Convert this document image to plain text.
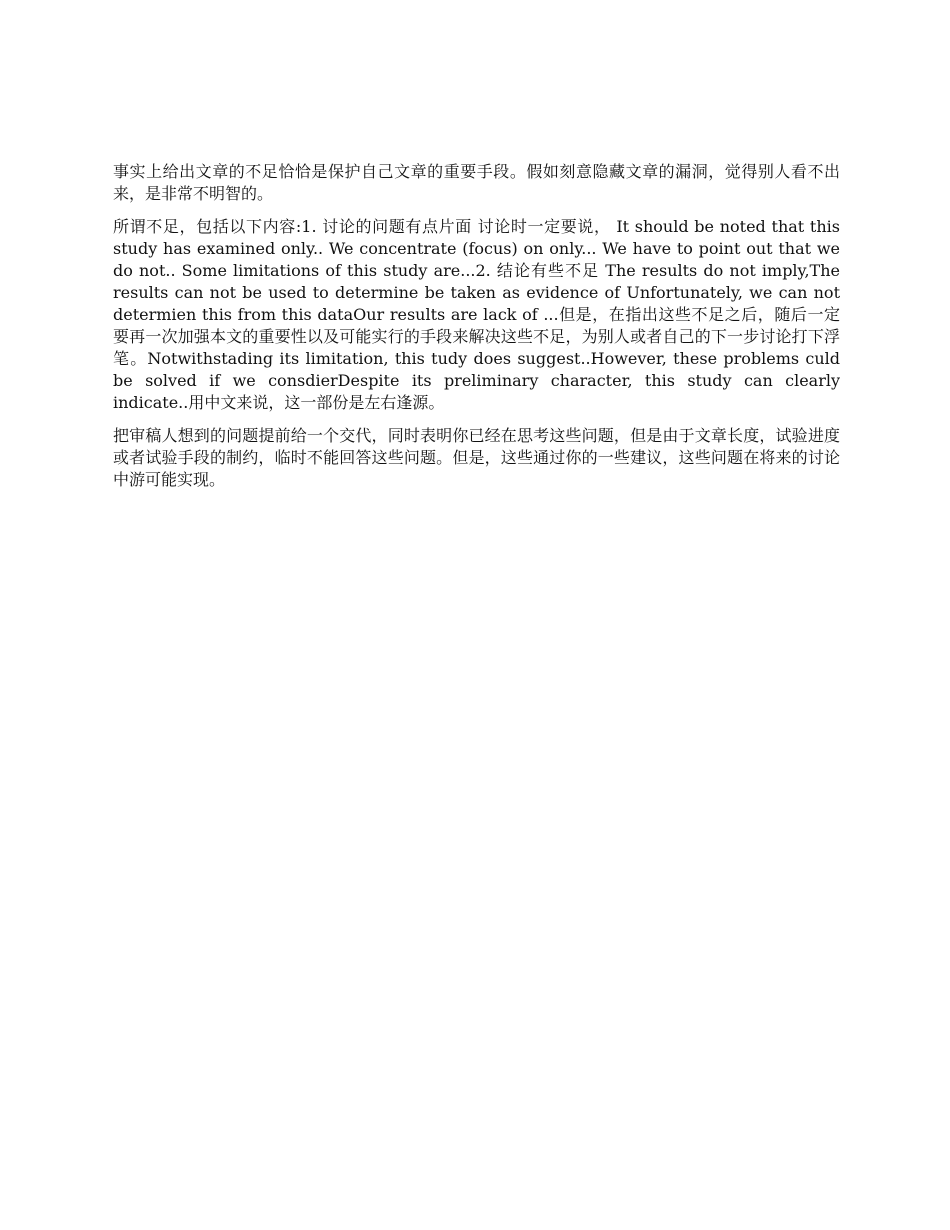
事实上给出文章的不足恰恰是保护自己文章的重要手段。假如刻意隐藏文章的漏洞，觉得别人看不出来，是非常不明智的。

所谓不足，包括以下内容:1. 讨论的问题有点片面 讨论时一定要说， It should be noted that this study has examined only.. We concentrate (focus) on only... We have to point out that we do not.. Some limitations of this study are...2. 结论有些不足 The results do not imply,The results can not be used to determine be taken as evidence of Unfortunately, we can not determien this from this dataOur results are lack of ...但是，在指出这些不足之后，随后一定要再一次加强本文的重要性以及可能实行的手段来解决这些不足，为别人或者自己的下一步讨论打下浮笔。Notwithstading its limitation, this tudy does suggest..However, these problems culd be solved if we consdierDespite its preliminary character, this study can clearly indicate..用中文来说，这一部份是左右逢源。

把审稿人想到的问题提前给一个交代，同时表明你已经在思考这些问题，但是由于文章长度，试验进度或者试验手段的制约，临时不能回答这些问题。但是，这些通过你的一些建议，这些问题在将来的讨论中游可能实现。
